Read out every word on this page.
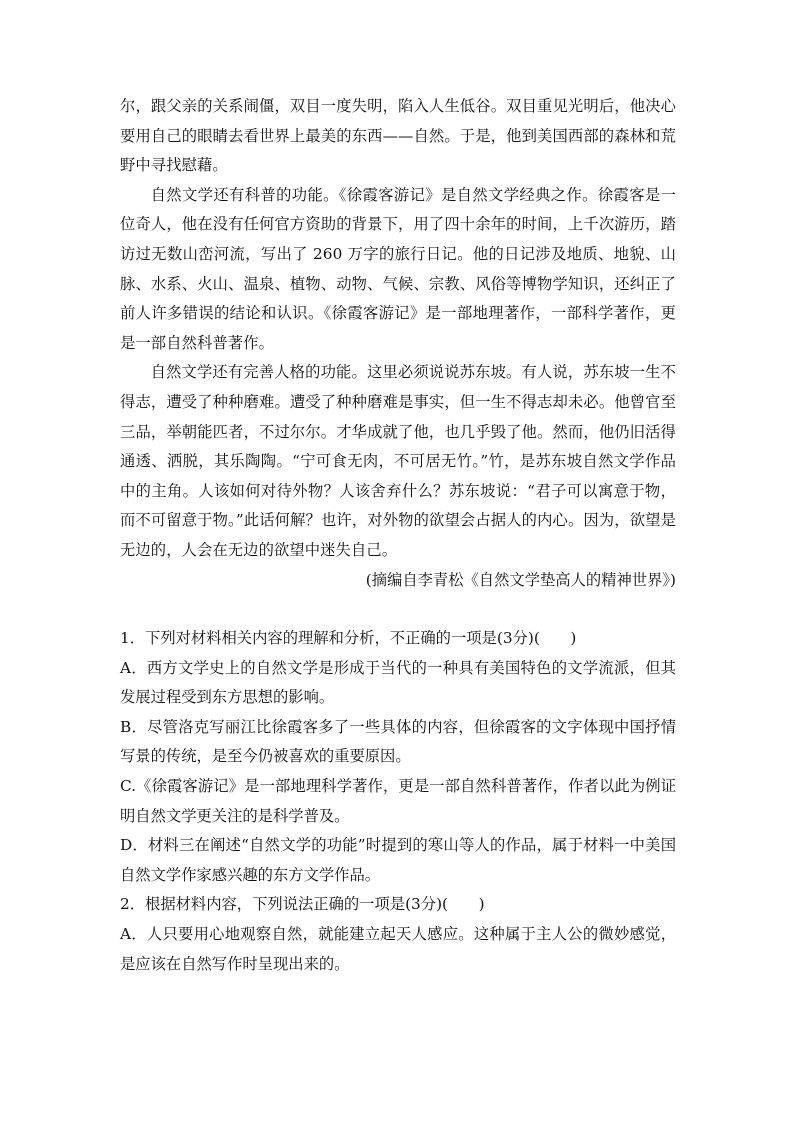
尔，跟父亲的关系闹僵，双目一度失明，陷入人生低谷。双目重见光明后，他决心要用自己的眼睛去看世界上最美的东西——自然。于是，他到美国西部的森林和荒野中寻找慰藉。

自然文学还有科普的功能。《徐霞客游记》是自然文学经典之作。徐霞客是一位奇人，他在没有任何官方资助的背景下，用了四十余年的时间，上千次游历，踏访过无数山峦河流，写出了 260 万字的旅行日记。他的日记涉及地质、地貌、山脉、水系、火山、温泉、植物、动物、气候、宗教、风俗等博物学知识，还纠正了前人许多错误的结论和认识。《徐霞客游记》是一部地理著作，一部科学著作，更是一部自然科普著作。

自然文学还有完善人格的功能。这里必须说说苏东坡。有人说，苏东坡一生不得志，遭受了种种磨难。遭受了种种磨难是事实，但一生不得志却未必。他曾官至三品，举朝能匹者，不过尔尔。才华成就了他，也几乎毁了他。然而，他仍旧活得通透、洒脱，其乐陶陶。“宁可食无肉，不可居无竹。”竹，是苏东坡自然文学作品中的主角。人该如何对待外物？人该舍弃什么？苏东坡说：“君子可以寓意于物，而不可留意于物。”此话何解？也许，对外物的欲望会占据人的内心。因为，欲望是无边的，人会在无边的欲望中迷失自己。

(摘编自李青松《自然文学垫高人的精神世界》)

1．下列对材料相关内容的理解和分析，不正确的一项是(3分)(　　)

A．西方文学史上的自然文学是形成于当代的一种具有美国特色的文学流派，但其发展过程受到东方思想的影响。

B．尽管洛克写丽江比徐霞客多了一些具体的内容，但徐霞客的文字体现中国抒情写景的传统，是至今仍被喜欢的重要原因。

C.《徐霞客游记》是一部地理科学著作，更是一部自然科普著作，作者以此为例证明自然文学更关注的是科学普及。

D．材料三在阐述“自然文学的功能”时提到的寒山等人的作品，属于材料一中美国自然文学作家感兴趣的东方文学作品。

2．根据材料内容，下列说法正确的一项是(3分)(　　)

A．人只要用心地观察自然，就能建立起天人感应。这种属于主人公的微妙感觉，是应该在自然写作时呈现出来的。
